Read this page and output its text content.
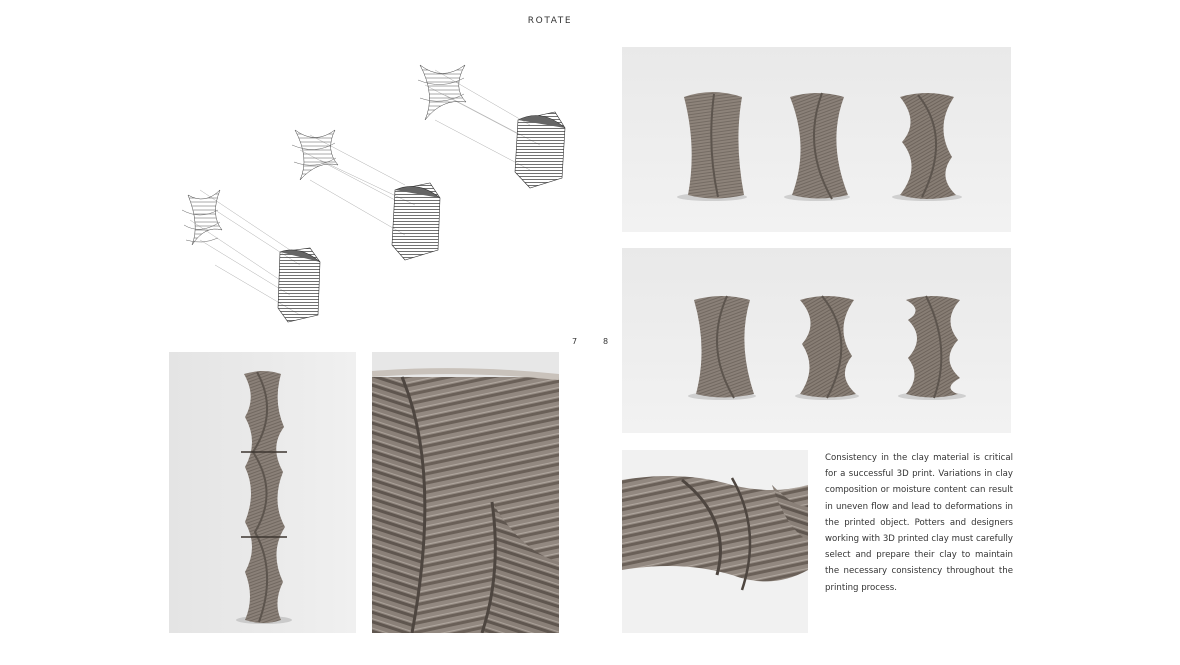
ROTATE
7	8
Consistency in the clay material is critical for a successful 3D print. Variations in clay composition or moisture content can result in uneven flow and lead to deformations in the printed object. Potters and designers working with 3D printed clay must carefully select and prepare their clay to maintain the necessary consistency throughout the printing process.
